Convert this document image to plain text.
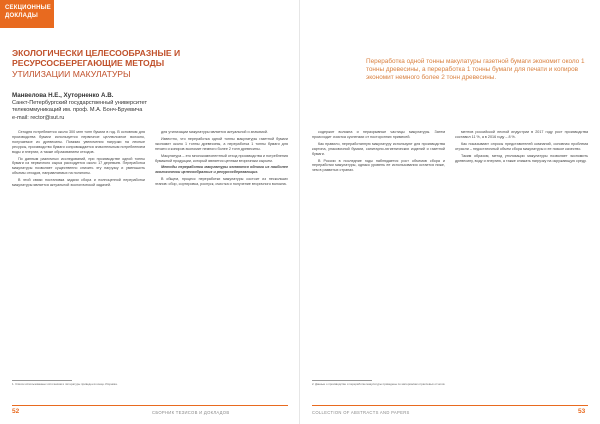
СЕКЦИОННЫЕ
ДОКЛАДЫ
ЭКОЛОГИЧЕСКИ ЦЕЛЕСООБРАЗНЫЕ И РЕСУРСОСБЕРЕГАЮЩИЕ МЕТОДЫ
УТИЛИЗАЦИИ МАКУЛАТУРЫ
Манвелова Н.Е., Хуторненко А.В.
Санкт-Петербургский государственный университет телекоммуникаций им. проф. М.А. Бонч-Бруевича
e-mail: rector@sut.ru

Сегодня потребляется около 300 млн тонн бумаги в год. В основном для производства бумаги используется первичное целлюлозное волокно, получаемое из древесины. Помимо увеличения нагрузки на лесные ресурсы, производство бумаги сопровождается значительным потреблением воды и энергии, а также образованием отходов.

По данным различных исследований, при производстве одной тонны бумаги из первичного сырья расходуется около 17 деревьев. Переработка макулатуры позволяет существенно снизить эту нагрузку и уменьшить объемы отходов, направляемых на полигоны.

В этой связи постановка задачи сбора и полноценной переработки макулатуры является актуальной экологической задачей.

для утилизации макулатуры является актуальной и значимой.

Известно, что переработка одной тонны макулатуры газетной бумаги экономит около 1 тонны древесины, а переработка 1 тонны бумаги для печати и копиров экономит немного более 2 тонн древесины.

Макулатура – это многокомпонентный отход производства и потребления бумажной продукции, который является ценным вторичным сырьем.

Методы переработки макулатуры являются одними из наиболее экологически целесообразных и ресурсосберегающих.

В общем, процесс переработки макулатуры состоит из нескольких этапов: сбор, сортировка, роспуск, очистка и получение вторичного волокна.

1. Список использованных источников и литературы приведен в конце сборника.
52	СБОРНИК ТЕЗИСОВ И ДОКЛАДОВ
Переработка одной тонны макулатуры газетной бумаги экономит около 1 тонны древесины, а переработка 1 тонны бумаги для печати и копиров экономит немного более 2 тонн древесины.

содержит волокна и неразрывные частицы макулатуры. Затем происходит очистка суспензии от посторонних примесей.

Как правило, переработанную макулатуру используют для производства картона, упаковочной бумаги, санитарно-гигиенических изделий и газетной бумаги.

В России в последние годы наблюдается рост объемов сбора и переработки макулатуры, однако уровень ее использования остается ниже, чем в развитых странах.

ментов российской лесной индустрии в 2017 году рост производства составил 11 %, а в 2016 году – 8 %.

Как показывают опросы представителей компаний, основная проблема отрасли – недостаточный объем сбора макулатуры и ее низкое качество.

Таким образом, метод утилизации макулатуры позволяет экономить древесину, воду и энергию, а также снижать нагрузку на окружающую среду.

2. Данные о производстве и переработке макулатуры приведены по материалам отраслевых отчетов.
COLLECTION OF ABSTRACTS AND PAPERS	53
